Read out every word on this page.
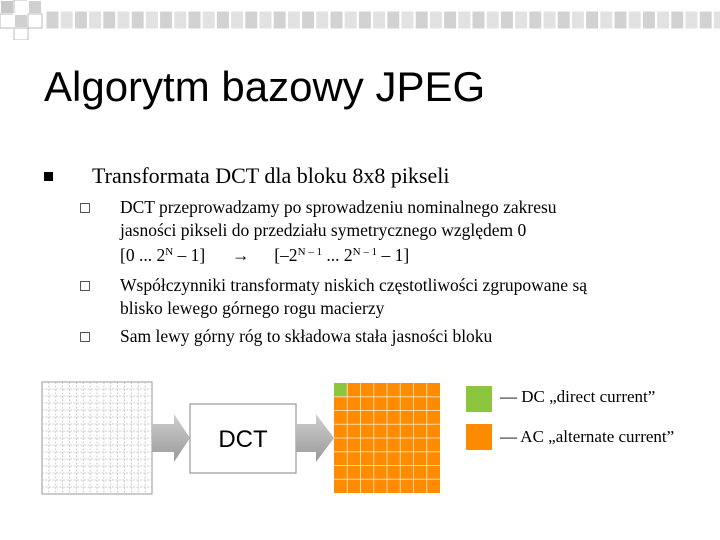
Algorytm bazowy JPEG
Transformata DCT dla bloku 8x8 pikseli
DCT przeprowadzamy po sprowadzeniu nominalnego zakresu
jasności pikseli do przedziału symetrycznego względem 0
[0 ... $2^N - 1] \to [-2^{N - 1}$ ... $2^{N - 1} - 1$]
Współczynniki transformaty niskich częstotliwości zgrupowane są
blisko lewego górnego rogu macierzy
Sam lewy górny róg to składowa stała jasności bloku
DCT
— DC „direct current”
— AC „alternate current”
